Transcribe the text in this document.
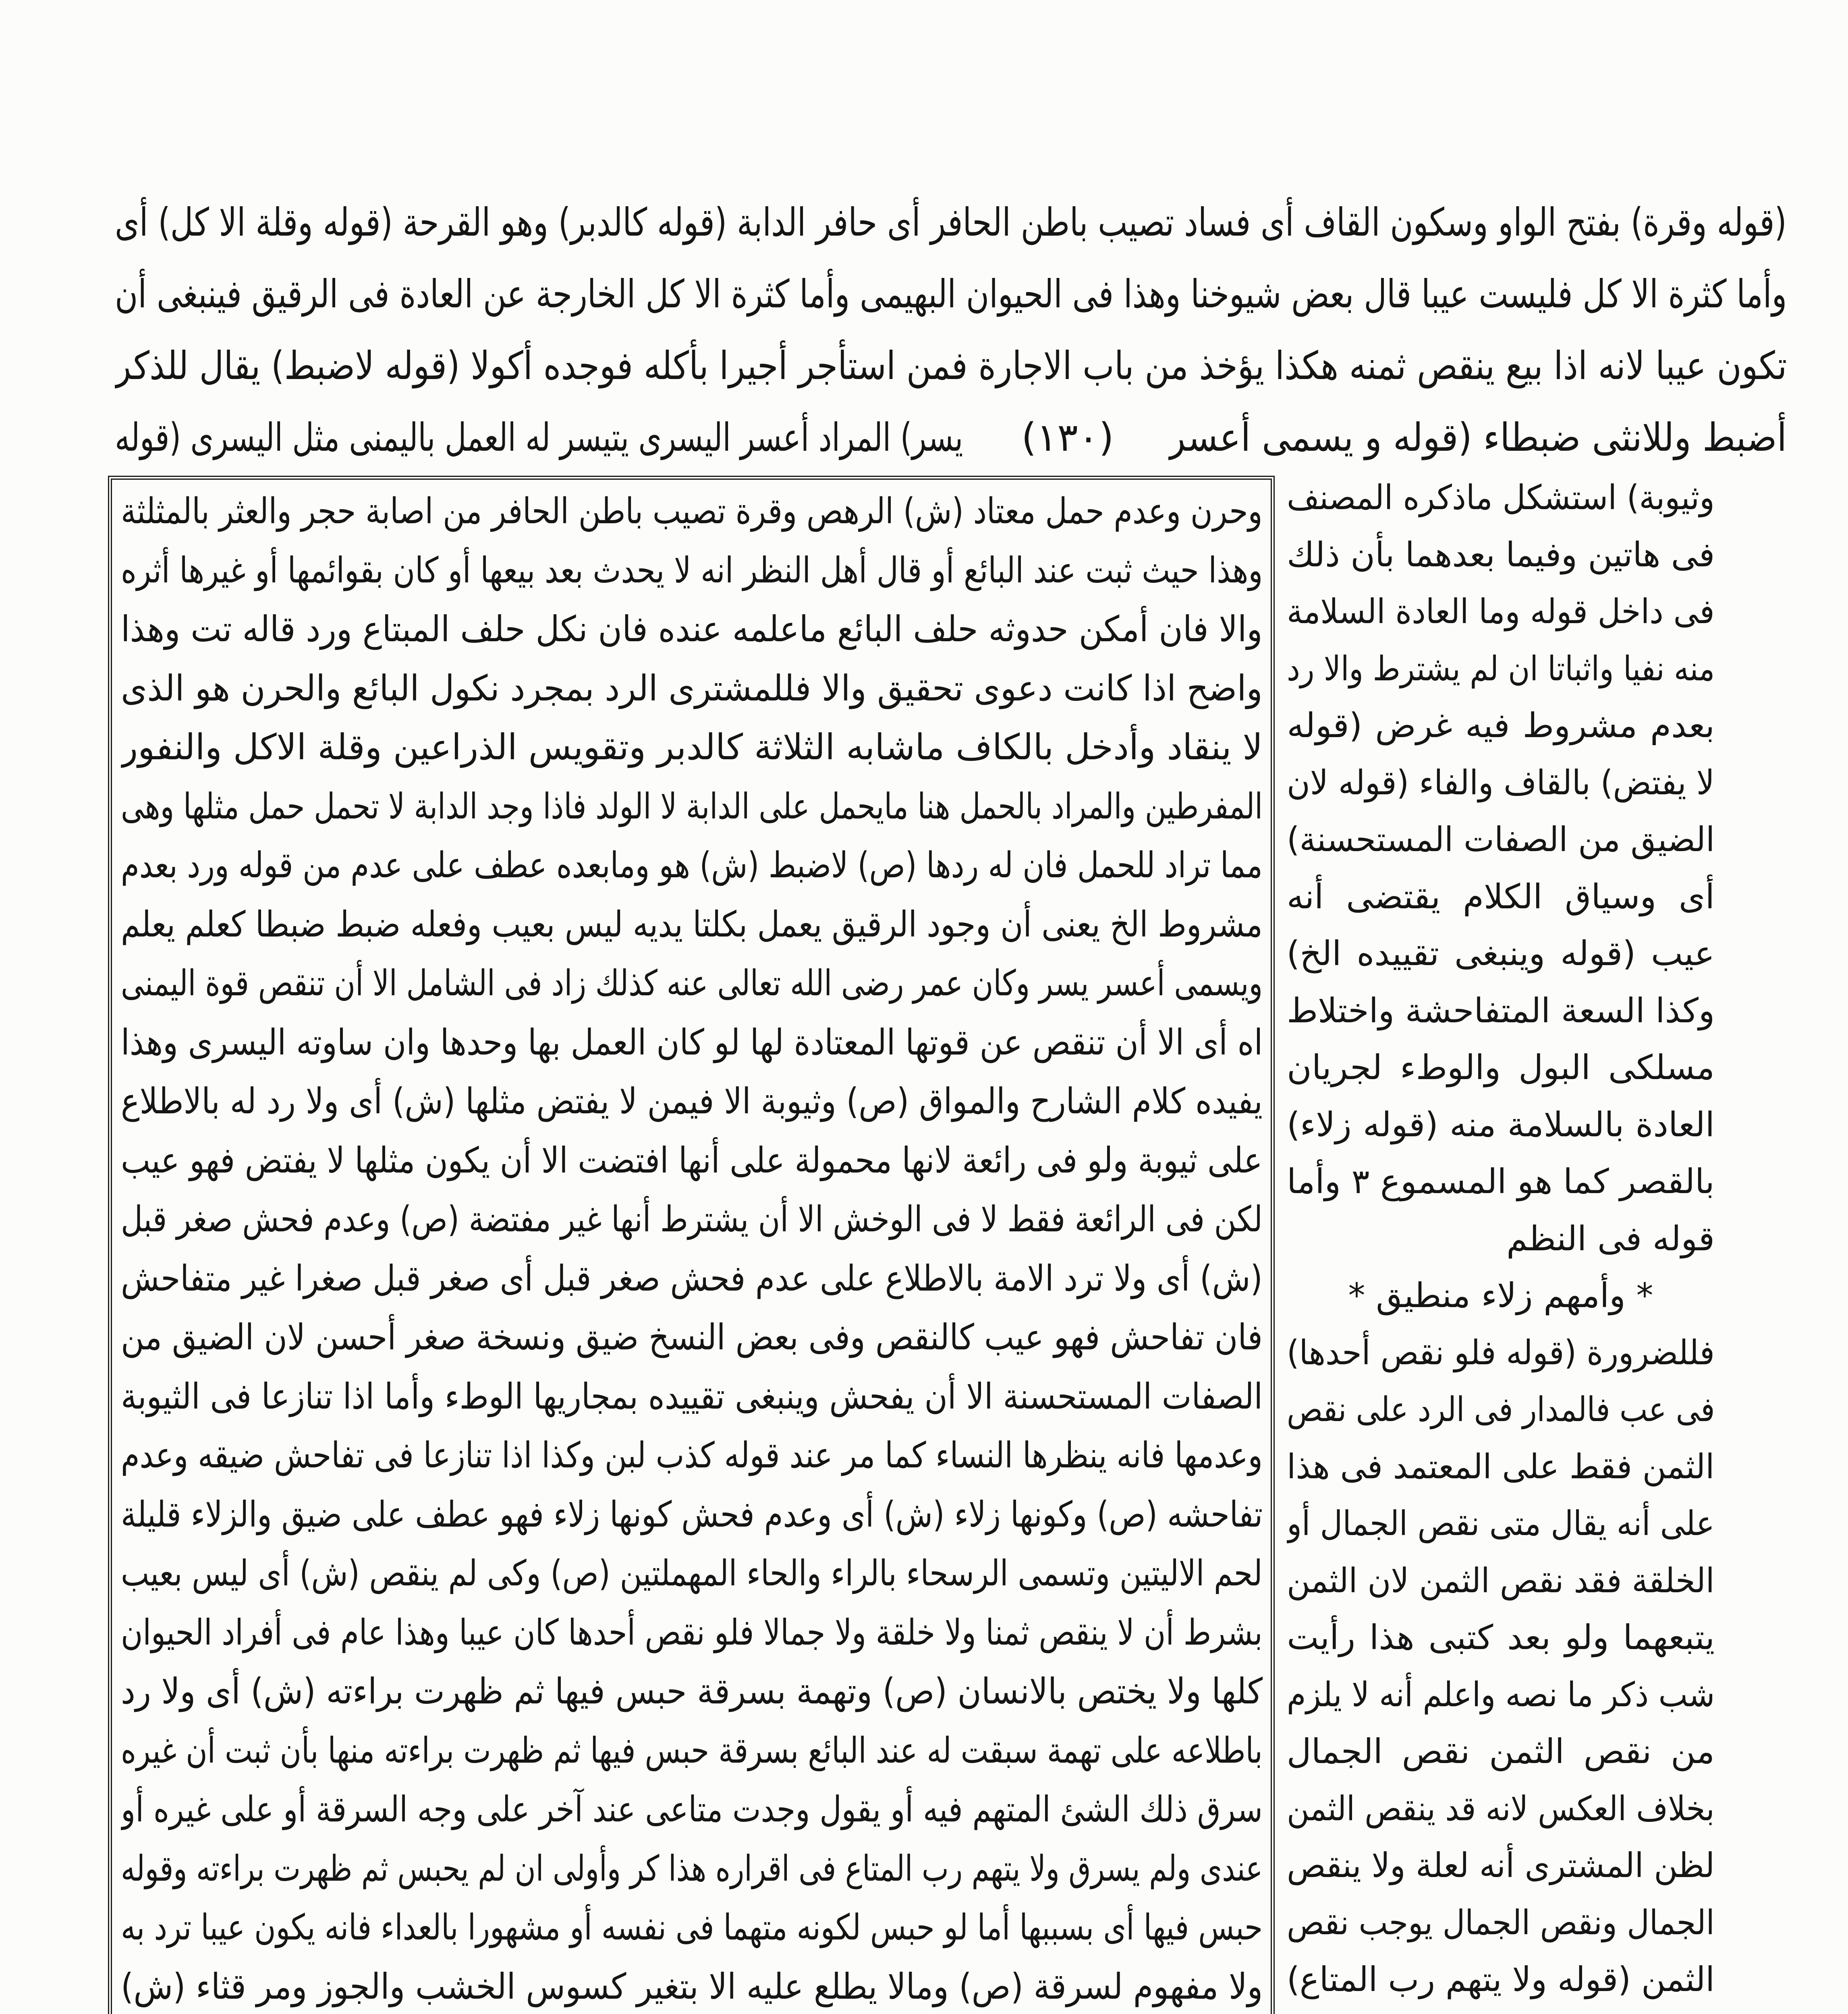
(قوله وقرة) بفتح الواو وسكون القاف أى فساد تصيب باطن الحافر أى حافر الدابة (قوله كالدبر) وهو القرحة (قوله وقلة الا كل) أى
وأما كثرة الا كل فليست عيبا قال بعض شيوخنا وهذا فى الحيوان البهيمى وأما كثرة الا كل الخارجة عن العادة فى الرقيق فينبغى أن
تكون عيبا لانه اذا بيع ينقص ثمنه هكذا يؤخذ من باب الاجارة فمن استأجر أجيرا بأكله فوجده أكولا (قوله لاضبط) يقال للذكر
أضبط وللانثى ضبطاء (قوله و يسمى أعسر
(١٣٠)
يسر) المراد أعسر اليسرى يتيسر له العمل باليمنى مثل اليسرى (قوله
وحرن وعدم حمل معتاد (ش) الرهص وقرة تصيب باطن الحافر من اصابة حجر والعثر بالمثلثة
وهذا حيث ثبت عند البائع أو قال أهل النظر انه لا يحدث بعد بيعها أو كان بقوائمها أو غيرها أثره
والا فان أمكن حدوثه حلف البائع ماعلمه عنده فان نكل حلف المبتاع ورد قاله تت وهذا
واضح اذا كانت دعوى تحقيق والا فللمشترى الرد بمجرد نكول البائع والحرن هو الذى
لا ينقاد وأدخل بالكاف ماشابه الثلاثة كالدبر وتقويس الذراعين وقلة الاكل والنفور
المفرطين والمراد بالحمل هنا مايحمل على الدابة لا الولد فاذا وجد الدابة لا تحمل حمل مثلها وهى
مما تراد للحمل فان له ردها (ص) لاضبط (ش) هو ومابعده عطف على عدم من قوله ورد بعدم
مشروط الخ يعنى أن وجود الرقيق يعمل بكلتا يديه ليس بعيب وفعله ضبط ضبطا كعلم يعلم
ويسمى أعسر يسر وكان عمر رضى الله تعالى عنه كذلك زاد فى الشامل الا أن تنقص قوة اليمنى
اه أى الا أن تنقص عن قوتها المعتادة لها لو كان العمل بها وحدها وان ساوته اليسرى وهذا
يفيده كلام الشارح والمواق (ص) وثيوبة الا فيمن لا يفتض مثلها (ش) أى ولا رد له بالاطلاع
على ثيوبة ولو فى رائعة لانها محمولة على أنها افتضت الا أن يكون مثلها لا يفتض فهو عيب
لكن فى الرائعة فقط لا فى الوخش الا أن يشترط أنها غير مفتضة (ص) وعدم فحش صغر قبل
(ش) أى ولا ترد الامة بالاطلاع على عدم فحش صغر قبل أى صغر قبل صغرا غير متفاحش
فان تفاحش فهو عيب كالنقص وفى بعض النسخ ضيق ونسخة صغر أحسن لان الضيق من
الصفات المستحسنة الا أن يفحش وينبغى تقييده بمجاريها الوطء وأما اذا تنازعا فى الثيوبة
وعدمها فانه ينظرها النساء كما مر عند قوله كذب لبن وكذا اذا تنازعا فى تفاحش ضيقه وعدم
تفاحشه (ص) وكونها زلاء (ش) أى وعدم فحش كونها زلاء فهو عطف على ضيق والزلاء قليلة
لحم الاليتين وتسمى الرسحاء بالراء والحاء المهملتين (ص) وكى لم ينقص (ش) أى ليس بعيب
بشرط أن لا ينقص ثمنا ولا خلقة ولا جمالا فلو نقص أحدها كان عيبا وهذا عام فى أفراد الحيوان
كلها ولا يختص بالانسان (ص) وتهمة بسرقة حبس فيها ثم ظهرت براءته (ش) أى ولا رد
باطلاعه على تهمة سبقت له عند البائع بسرقة حبس فيها ثم ظهرت براءته منها بأن ثبت أن غيره
سرق ذلك الشئ المتهم فيه أو يقول وجدت متاعى عند آخر على وجه السرقة أو على غيره أو
عندى ولم يسرق ولا يتهم رب المتاع فى اقراره هذا كر وأولى ان لم يحبس ثم ظهرت براءته وقوله
حبس فيها أى بسببها أما لو حبس لكونه متهما فى نفسه أو مشهورا بالعداء فانه يكون عيبا ترد به
ولا مفهوم لسرقة (ص) ومالا يطلع عليه الا بتغير كسوس الخشب والجوز ومر قثاء (ش)
وثيوبة) استشكل ماذكره المصنف
فى هاتين وفيما بعدهما بأن ذلك
فى داخل قوله وما العادة السلامة
منه نفيا واثباتا ان لم يشترط والا رد
بعدم مشروط فيه غرض (قوله
لا يفتض) بالقاف والفاء (قوله لان
الضيق من الصفات المستحسنة)
أى وسياق الكلام يقتضى أنه
عيب (قوله وينبغى تقييده الخ)
وكذا السعة المتفاحشة واختلاط
مسلكى البول والوطء لجريان
العادة بالسلامة منه (قوله زلاء)
بالقصر كما هو المسموع ٣ وأما
قوله فى النظم
* وأمهم زلاء منطيق *
فللضرورة (قوله فلو نقص أحدها)
فى عب فالمدار فى الرد على نقص
الثمن فقط على المعتمد فى هذا
على أنه يقال متى نقص الجمال أو
الخلقة فقد نقص الثمن لان الثمن
يتبعهما ولو بعد كتبى هذا رأيت
شب ذكر ما نصه واعلم أنه لا يلزم
من نقص الثمن نقص الجمال
بخلاف العكس لانه قد ينقص الثمن
لظن المشترى أنه لعلة ولا ينقص
الجمال ونقص الجمال يوجب نقص
الثمن (قوله ولا يتهم رب المتاع)
